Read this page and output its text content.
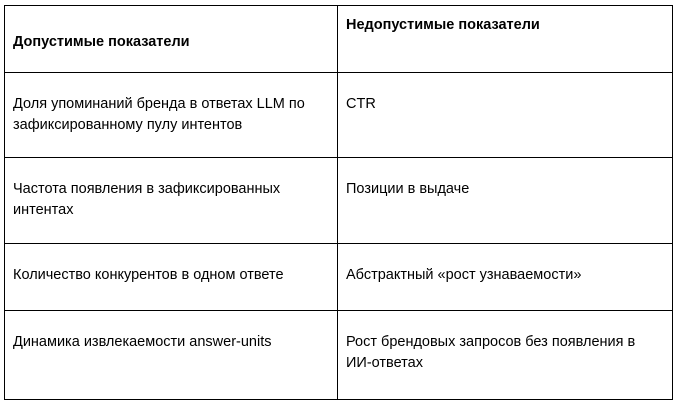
Допустимые показатели	Недопустимые показатели
Доля упоминаний бренда в ответах LLM по зафиксированному пулу интентов	CTR
Частота появления в зафиксированных интентах	Позиции в выдаче
Количество конкурентов в одном ответе	Абстрактный «рост узнаваемости»
Динамика извлекаемости answer-units	Рост брендовых запросов без появления в ИИ-ответах
